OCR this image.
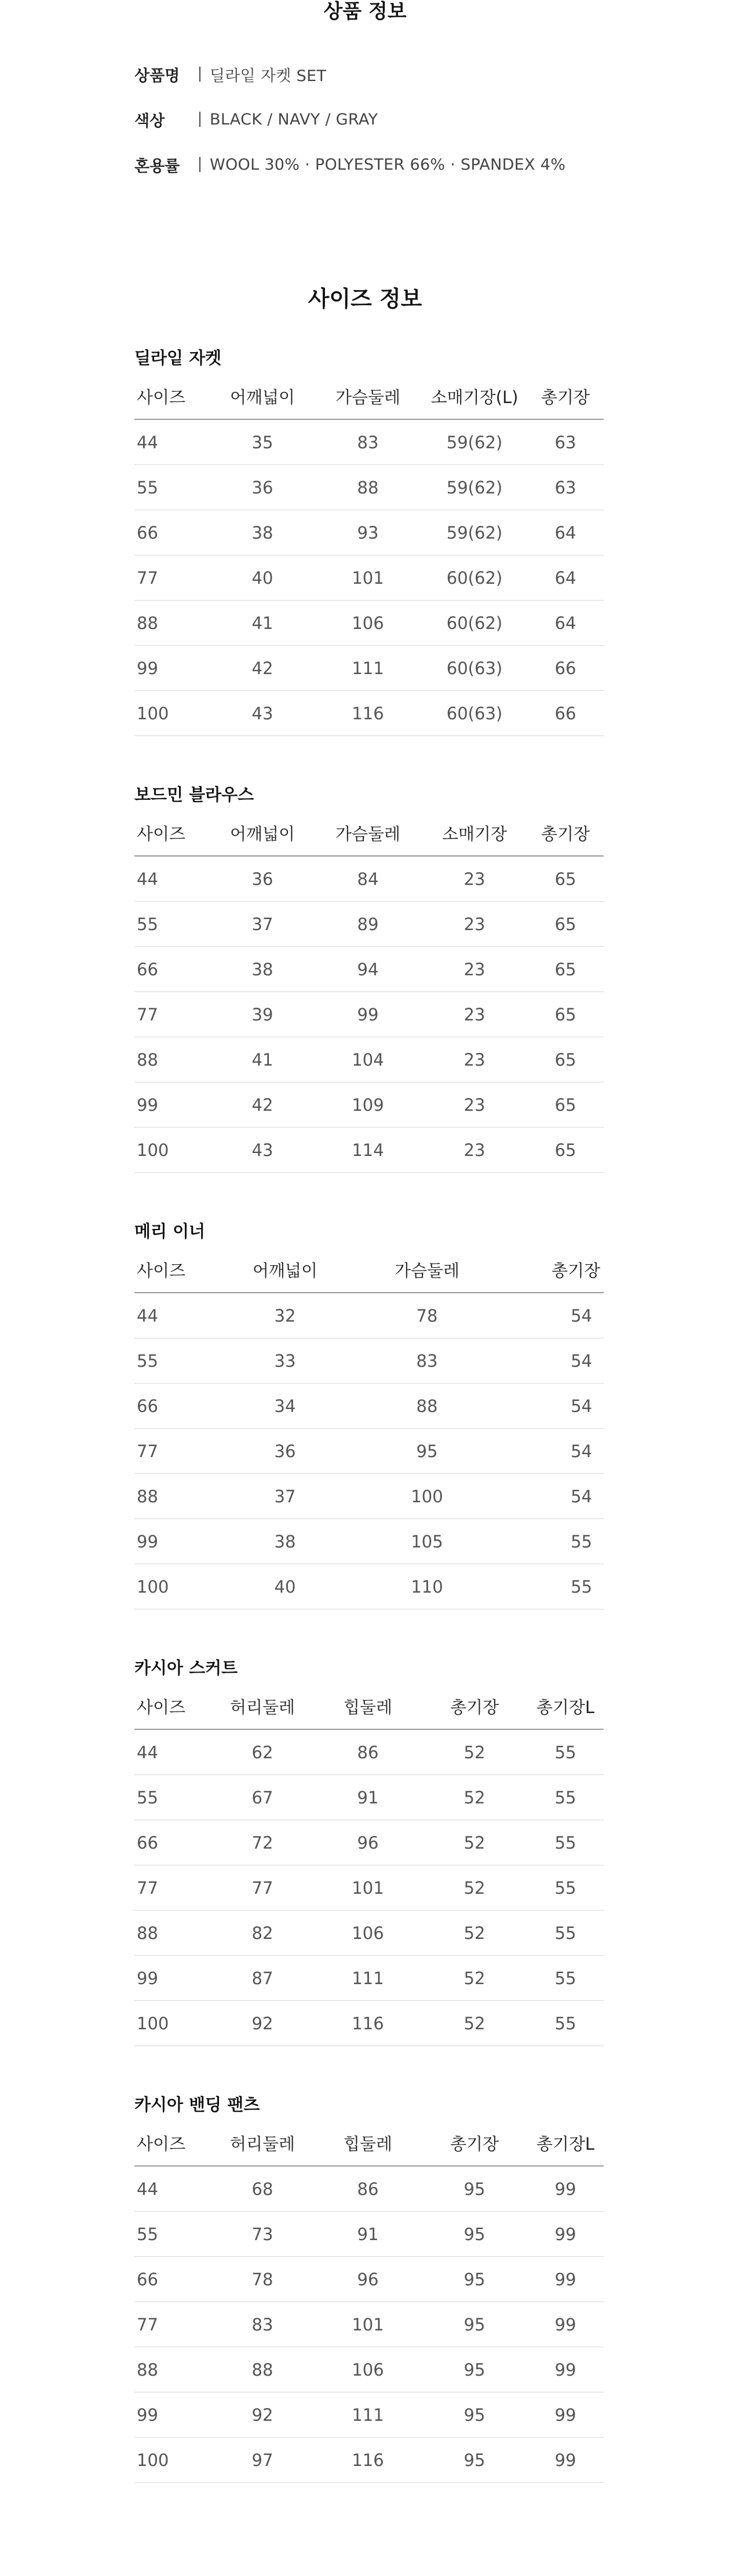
상품 정보
상품명	딜라잍 자켓 SET
색상	BLACK / NAVY / GRAY
혼용률	WOOL 30% · POLYESTER 66% · SPANDEX 4%
사이즈 정보
딜라잍 자켓
사이즈	어깨넓이	가슴둘레	소매기장(L)	총기장
44	35	83	59(62)	63
55	36	88	59(62)	63
66	38	93	59(62)	64
77	40	101	60(62)	64
88	41	106	60(62)	64
99	42	111	60(63)	66
100	43	116	60(63)	66
보드민 블라우스
사이즈	어깨넓이	가슴둘레	소매기장	총기장
44	36	84	23	65
55	37	89	23	65
66	38	94	23	65
77	39	99	23	65
88	41	104	23	65
99	42	109	23	65
100	43	114	23	65
메리 이너
사이즈	어깨넓이	가슴둘레	총기장
44	32	78	54
55	33	83	54
66	34	88	54
77	36	95	54
88	37	100	54
99	38	105	55
100	40	110	55
카시아 스커트
사이즈	허리둘레	힙둘레	총기장	총기장L
44	62	86	52	55
55	67	91	52	55
66	72	96	52	55
77	77	101	52	55
88	82	106	52	55
99	87	111	52	55
100	92	116	52	55
카시아 밴딩 팬츠
사이즈	허리둘레	힙둘레	총기장	총기장L
44	68	86	95	99
55	73	91	95	99
66	78	96	95	99
77	83	101	95	99
88	88	106	95	99
99	92	111	95	99
100	97	116	95	99
